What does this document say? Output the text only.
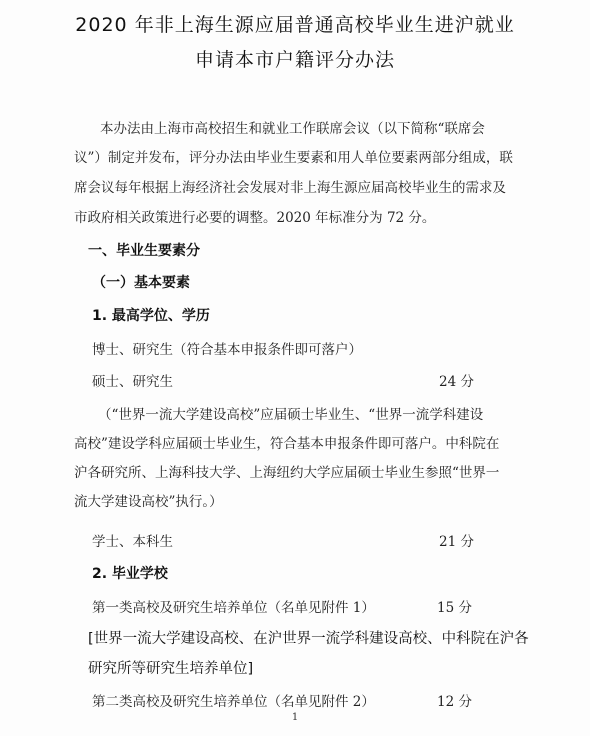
2020 年非上海生源应届普通高校毕业生进沪就业
申请本市户籍评分办法
本办法由上海市高校招生和就业工作联席会议（以下简称“联席会
议”）制定并发布，评分办法由毕业生要素和用人单位要素两部分组成，联
席会议每年根据上海经济社会发展对非上海生源应届高校毕业生的需求及
市政府相关政策进行必要的调整。2020 年标准分为 72 分。
一、毕业生要素分
（一）基本要素
1. 最高学位、学历
博士、研究生（符合基本申报条件即可落户）
硕士、研究生	24 分
（“世界一流大学建设高校”应届硕士毕业生、“世界一流学科建设
高校”建设学科应届硕士毕业生，符合基本申报条件即可落户。中科院在
沪各研究所、上海科技大学、上海纽约大学应届硕士毕业生参照“世界一
流大学建设高校”执行。）
学士、本科生	21 分
2. 毕业学校
第一类高校及研究生培养单位（名单见附件 1）	15 分
[世界一流大学建设高校、在沪世界一流学科建设高校、中科院在沪各
研究所等研究生培养单位]
第二类高校及研究生培养单位（名单见附件 2）	12 分
1
